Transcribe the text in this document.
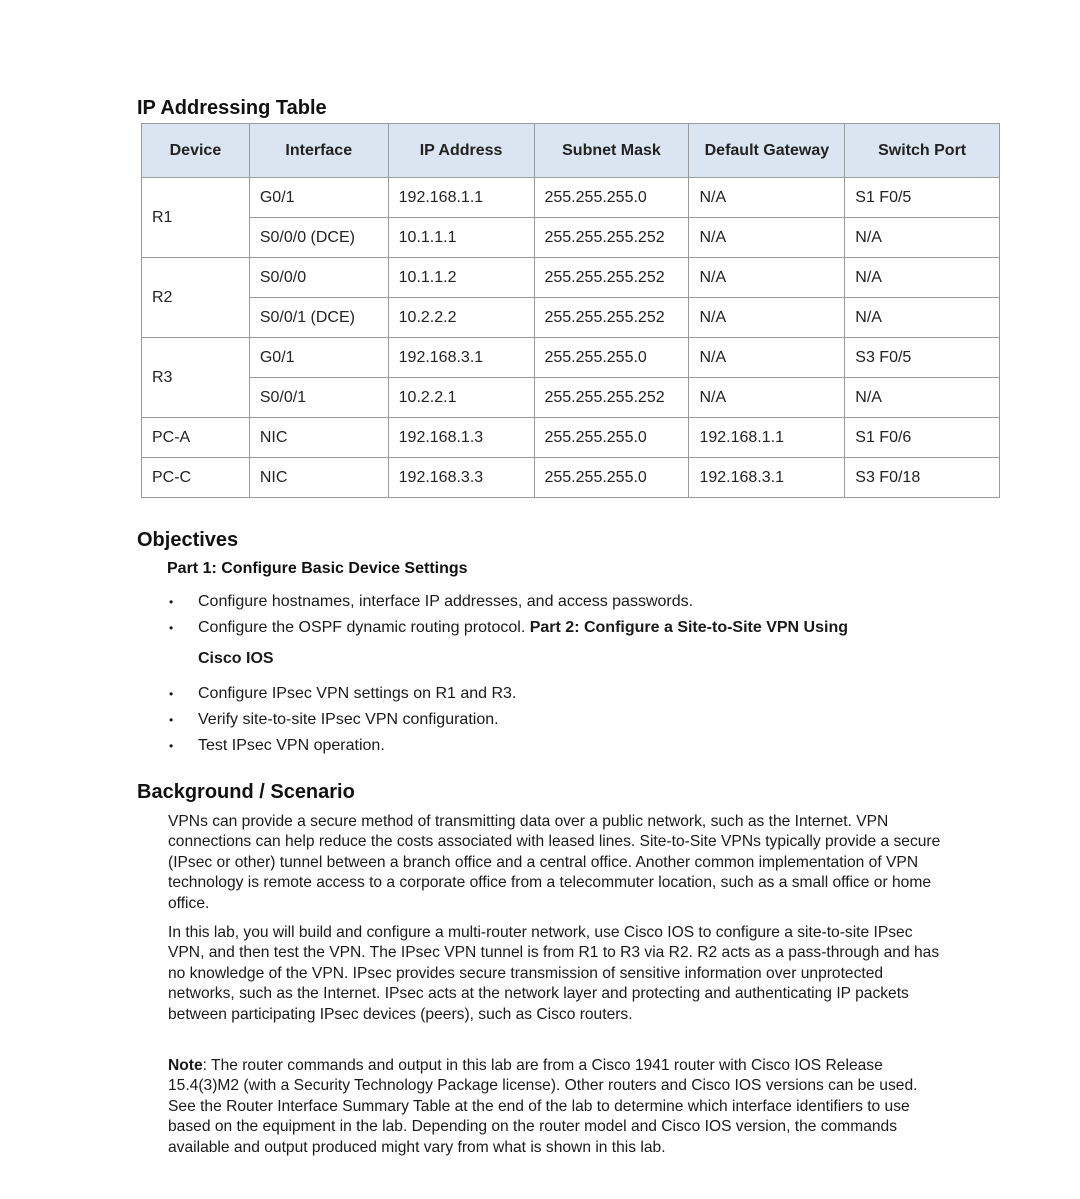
IP Addressing Table
Device	Interface	IP Address	Subnet Mask	Default Gateway	Switch Port
R1	G0/1	192.168.1.1	255.255.255.0	N/A	S1 F0/5
	S0/0/0 (DCE)	10.1.1.1	255.255.255.252	N/A	N/A
R2	S0/0/0	10.1.1.2	255.255.255.252	N/A	N/A
	S0/0/1 (DCE)	10.2.2.2	255.255.255.252	N/A	N/A
R3	G0/1	192.168.3.1	255.255.255.0	N/A	S3 F0/5
	S0/0/1	10.2.2.1	255.255.255.252	N/A	N/A
PC-A	NIC	192.168.1.3	255.255.255.0	192.168.1.1	S1 F0/6
PC-C	NIC	192.168.3.3	255.255.255.0	192.168.3.1	S3 F0/18
Objectives

Part 1: Configure Basic Device Settings

• Configure hostnames, interface IP addresses, and access passwords.
• Configure the OSPF dynamic routing protocol. Part 2: Configure a Site-to-Site VPN Using
Cisco IOS
• Configure IPsec VPN settings on R1 and R3.
• Verify site-to-site IPsec VPN configuration.
• Test IPsec VPN operation.
Background / Scenario

VPNs can provide a secure method of transmitting data over a public network, such as the Internet. VPN connections can help reduce the costs associated with leased lines. Site-to-Site VPNs typically provide a secure (IPsec or other) tunnel between a branch office and a central office. Another common implementation of VPN technology is remote access to a corporate office from a telecommuter location, such as a small office or home office.

In this lab, you will build and configure a multi-router network, use Cisco IOS to configure a site-to-site IPsec VPN, and then test the VPN. The IPsec VPN tunnel is from R1 to R3 via R2. R2 acts as a pass-through and has no knowledge of the VPN. IPsec provides secure transmission of sensitive information over unprotected networks, such as the Internet. IPsec acts at the network layer and protecting and authenticating IP packets between participating IPsec devices (peers), such as Cisco routers.

Note: The router commands and output in this lab are from a Cisco 1941 router with Cisco IOS Release 15.4(3)M2 (with a Security Technology Package license). Other routers and Cisco IOS versions can be used. See the Router Interface Summary Table at the end of the lab to determine which interface identifiers to use based on the equipment in the lab. Depending on the router model and Cisco IOS version, the commands available and output produced might vary from what is shown in this lab.
